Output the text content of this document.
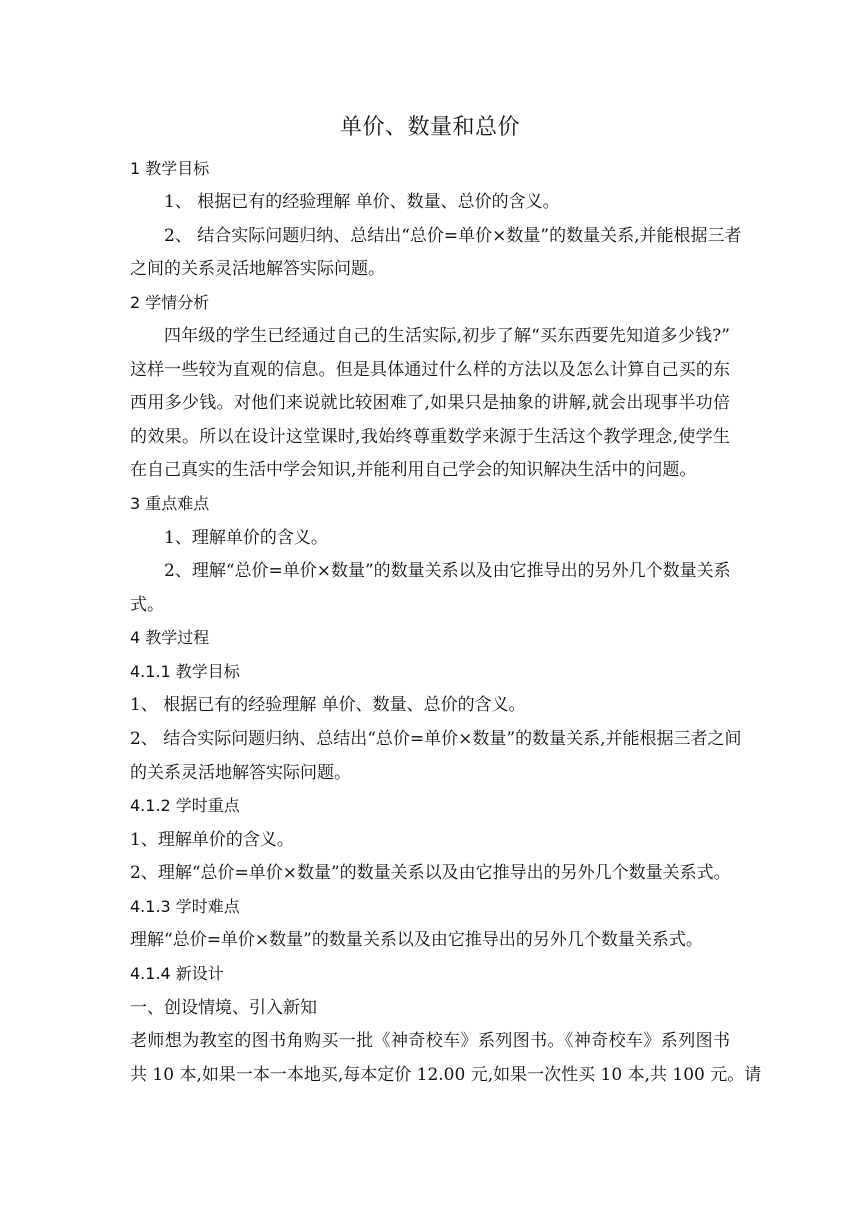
单价、数量和总价
1 教学目标
1、 根据已有的经验理解 单价、数量、总价的含义。
2、 结合实际问题归纳、总结出“总价=单价×数量”的数量关系,并能根据三者
之间的关系灵活地解答实际问题。
2 学情分析
四年级的学生已经通过自己的生活实际,初步了解“买东西要先知道多少钱?”
这样一些较为直观的信息。但是具体通过什么样的方法以及怎么计算自己买的东
西用多少钱。对他们来说就比较困难了,如果只是抽象的讲解,就会出现事半功倍
的效果。所以在设计这堂课时,我始终尊重数学来源于生活这个教学理念,使学生
在自己真实的生活中学会知识,并能利用自己学会的知识解决生活中的问题。
3 重点难点
1、理解单价的含义。
2、理解“总价=单价×数量”的数量关系以及由它推导出的另外几个数量关系
式。
4 教学过程
4.1.1 教学目标
1、 根据已有的经验理解 单价、数量、总价的含义。
2、 结合实际问题归纳、总结出“总价=单价×数量”的数量关系,并能根据三者之间
的关系灵活地解答实际问题。
4.1.2 学时重点
1、理解单价的含义。
2、理解“总价=单价×数量”的数量关系以及由它推导出的另外几个数量关系式。
4.1.3 学时难点
理解“总价=单价×数量”的数量关系以及由它推导出的另外几个数量关系式。
4.1.4 新设计
一、创设情境、引入新知
老师想为教室的图书角购买一批《神奇校车》系列图书。《神奇校车》系列图书
共 10 本,如果一本一本地买,每本定价 12.00 元,如果一次性买 10 本,共 100 元。请
